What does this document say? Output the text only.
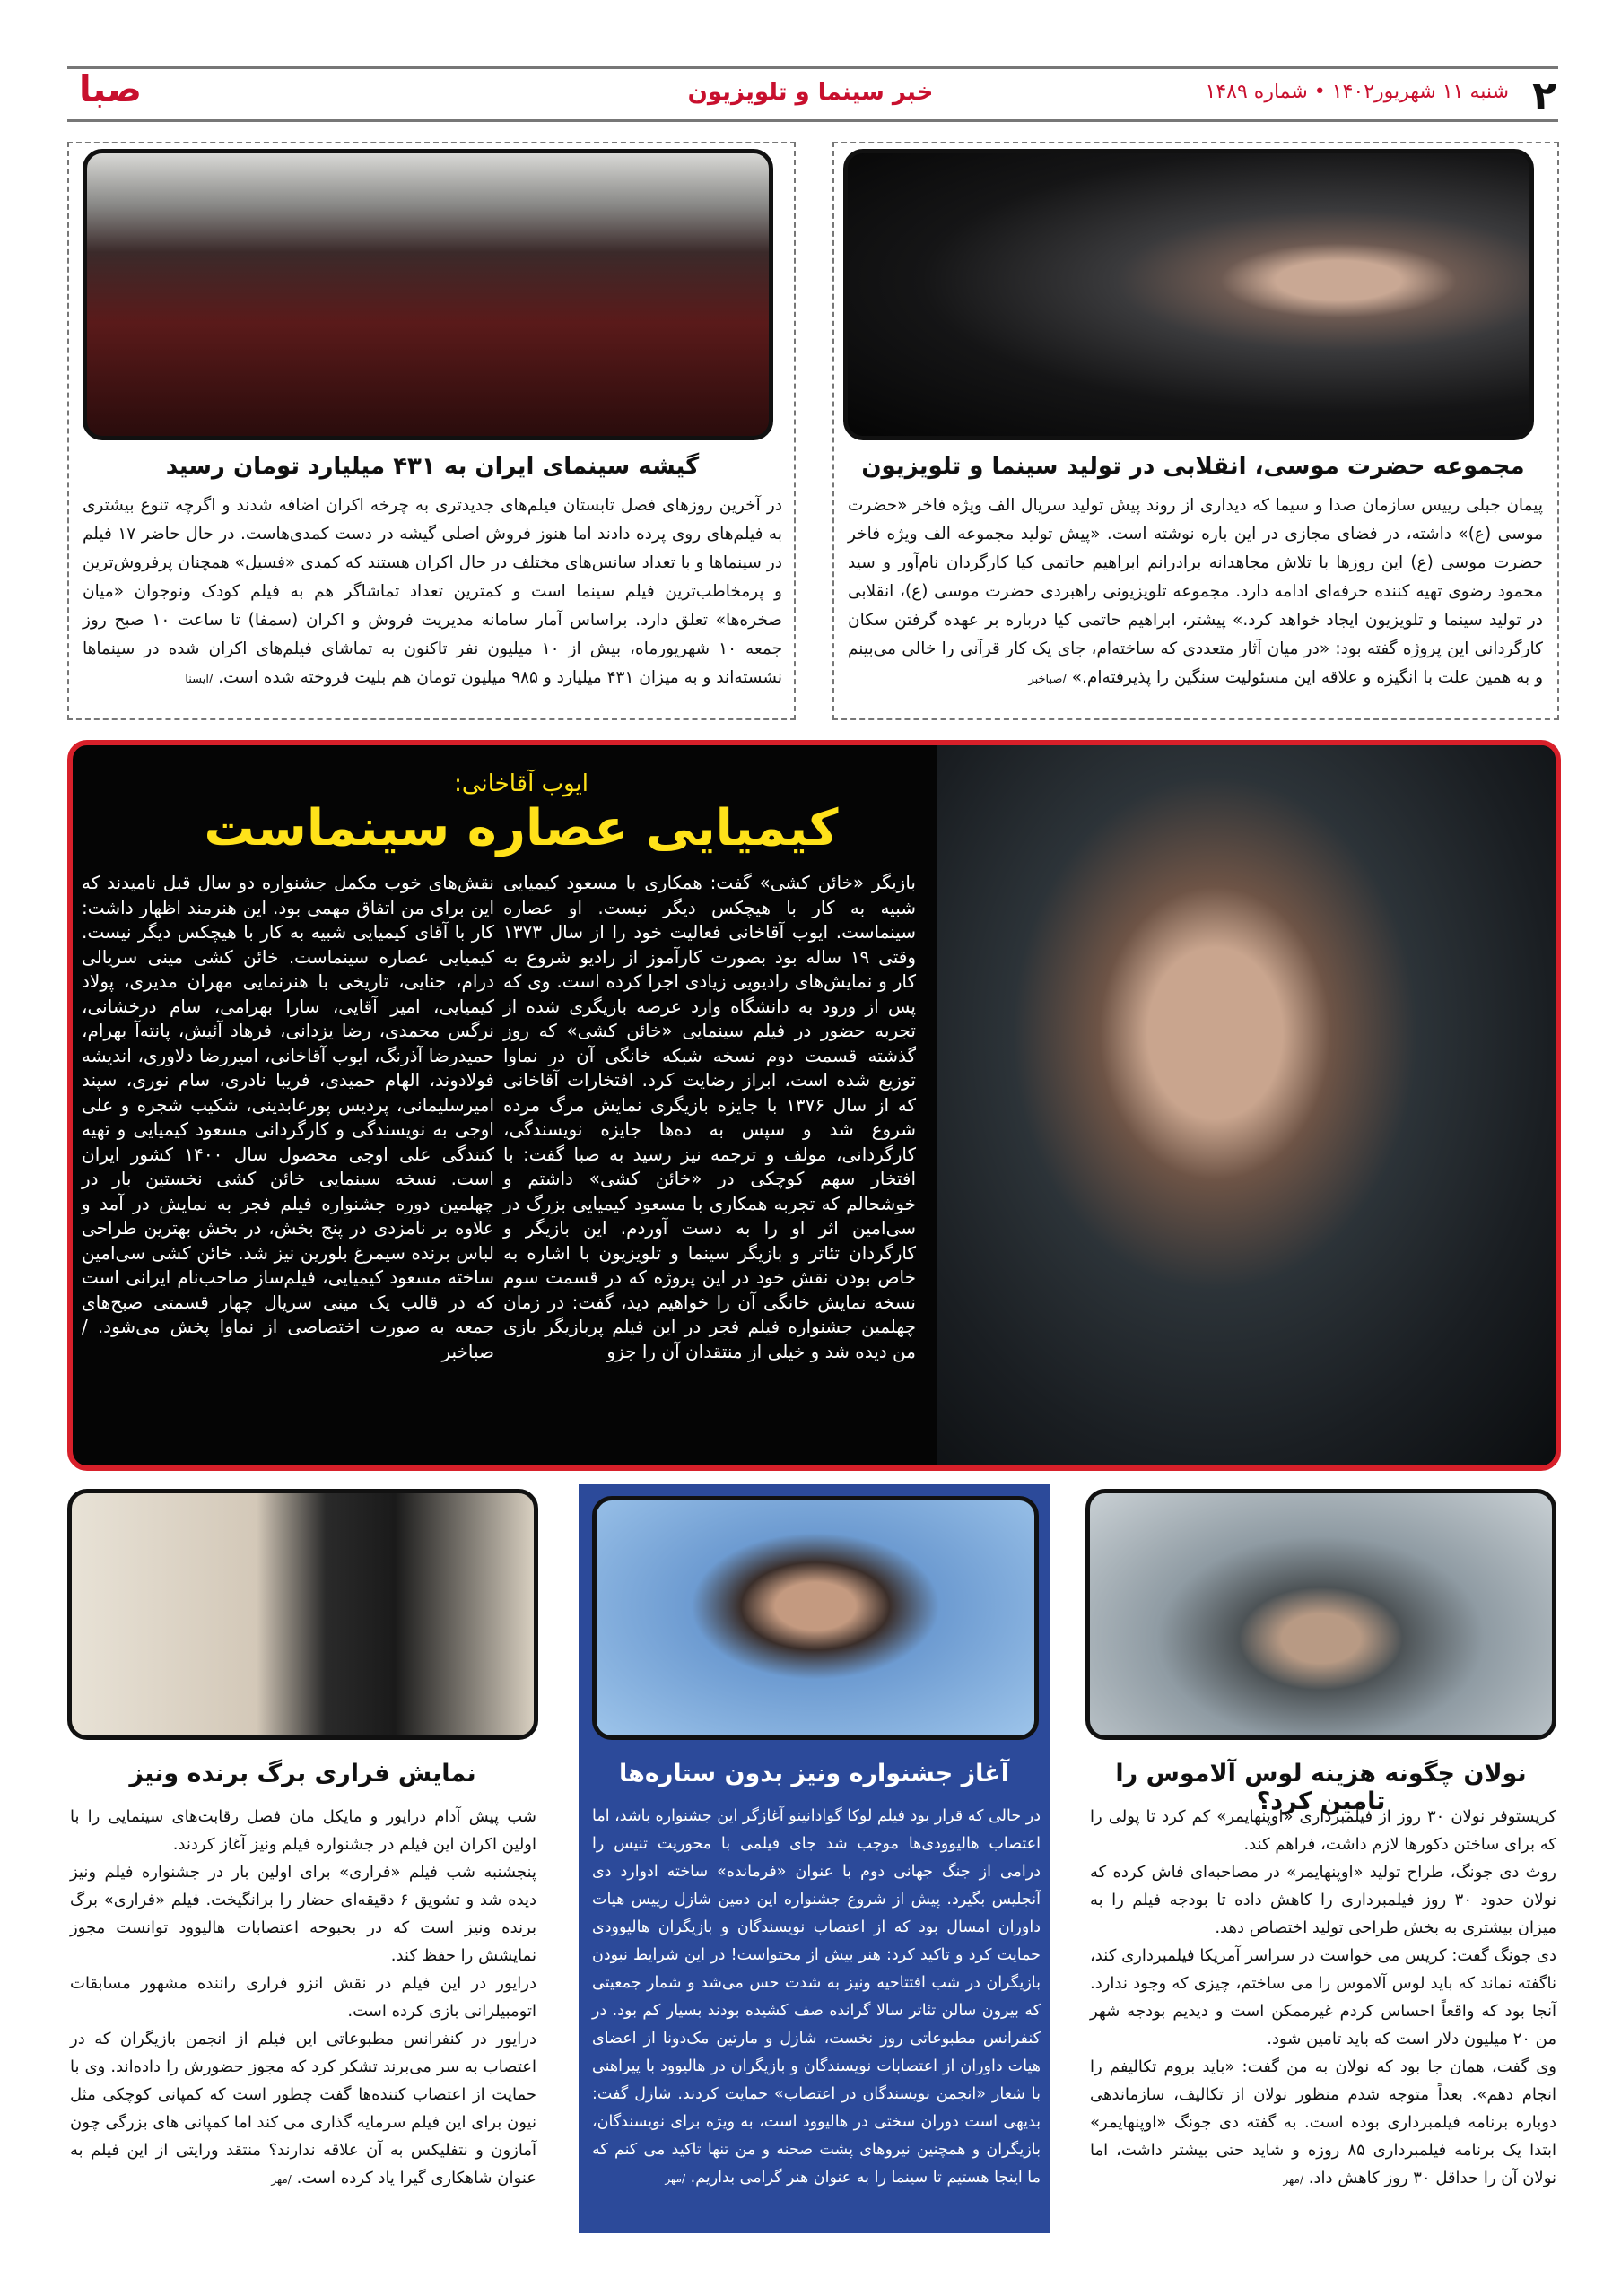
۲
شنبه ۱۱ شهریور۱۴۰۲ • شماره ۱۴۸۹
خبر سینما و تلویزیون
صبا
مجموعه حضرت موسی، انقلابی در تولید سینما و تلویزیون
پیمان جبلی رییس سازمان صدا و سیما که دیداری از روند پیش تولید سریال الف ویژه فاخر «حضرت موسی (ع)» داشته، در فضای مجازی در این باره نوشته است. «پیش تولید مجموعه الف ویژه فاخر حضرت موسی (ع) این روزها با تلاش مجاهدانه برادرانم ابراهیم حاتمی کیا کارگردان نام‌آور و سید محمود رضوی تهیه کننده حرفه‌ای ادامه دارد. مجموعه تلویزیونی راهبردی حضرت موسی (ع)، انقلابی در تولید سینما و تلویزیون ایجاد خواهد کرد.» پیشتر، ابراهیم حاتمی کیا درباره بر عهده گرفتن سکان کارگردانی این پروژه گفته بود: «در میان آثار متعددی که ساخته‌ام، جای یک کار قرآنی را خالی می‌بینم و به همین علت با انگیزه و علاقه این مسئولیت سنگین را پذیرفته‌ام.» /صباخبر
گیشه سینمای ایران به ۴۳۱ میلیارد تومان رسید
در آخرین روزهای فصل تابستان فیلم‌های جدیدتری به چرخه اکران اضافه شدند و اگرچه تنوع بیشتری به فیلم‌های روی پرده دادند اما هنوز فروش اصلی گیشه در دست کمدی‌هاست. در حال حاضر ۱۷ فیلم در سینماها و با تعداد سانس‌های مختلف در حال اکران هستند که کمدی «فسیل» همچنان پرفروش‌ترین و پرمخاطب‌ترین فیلم سینما است و کمترین تعداد تماشاگر هم به فیلم کودک ونوجوان «میان صخره‌ها» تعلق دارد. براساس آمار سامانه مدیریت فروش و اکران (سمفا) تا ساعت ۱۰ صبح روز جمعه ۱۰ شهریورماه، بیش از ۱۰ میلیون نفر تاکنون به تماشای فیلم‌های اکران شده در سینماها نشسته‌اند و به میزان ۴۳۱ میلیارد و ۹۸۵ میلیون تومان هم بلیت فروخته شده است. /ایسنا
ایوب آقاخانی:
کیمیایی عصاره سینماست
بازیگر «خائن کشی» گفت: همکاری با مسعود کیمیایی شبیه به کار با هیچکس دیگر نیست. او عصاره سینماست. ایوب آقاخانی فعالیت خود را از سال ۱۳۷۳ وقتی ۱۹ ساله بود بصورت کارآموز از رادیو شروع به کار و نمایش‌های رادیویی زیادی اجرا کرده است. وی که پس از ورود به دانشگاه وارد عرصه بازیگری شده از تجربه حضور در فیلم سینمایی «خائن کشی» که روز گذشته قسمت دوم نسخه شبکه خانگی آن در نماوا توزیع شده است، ابراز رضایت کرد. افتخارات آقاخانی که از سال ۱۳۷۶ با جایزه بازیگری نمایش مرگ مرده شروع شد و سپس به ده‌ها جایزه نویسندگی، کارگردانی، مولف و ترجمه نیز رسید به صبا گفت: با افتخار سهم کوچکی در «خائن کشی» داشتم و خوشحالم که تجربه همکاری با مسعود کیمیایی بزرگ در سی‌امین اثر او را به دست آوردم. این بازیگر و کارگردان تئاتر و بازیگر سینما و تلویزیون با اشاره به خاص بودن نقش خود در این پروژه که در قسمت سوم نسخه نمایش خانگی آن را خواهیم دید، گفت: در زمان چهلمین جشنواره فیلم فجر در این فیلم پربازیگر بازی من دیده شد و خیلی از منتقدان آن را جزو
نقش‌های خوب مکمل جشنواره دو سال قبل نامیدند که این برای من اتفاق مهمی بود. این هنرمند اظهار داشت: کار با آقای کیمیایی شبیه به کار با هیچکس دیگر نیست. کیمیایی عصاره سینماست. خائن کشی مینی سریالی درام، جنایی، تاریخی با هنرنمایی مهران مدیری، پولاد کیمیایی، امیر آقایی، سارا بهرامی، سام درخشانی، نرگس محمدی، رضا یزدانی، فرهاد آئیش، پانته‌آ بهرام، حمیدرضا آذرنگ، ایوب آقاخانی، امیررضا دلاوری، اندیشه فولادوند، الهام حمیدی، فریبا نادری، سام نوری، سپند امیرسلیمانی، پردیس پورعابدینی، شکیب شجره و علی اوجی به نویسندگی و کارگردانی مسعود کیمیایی و تهیه کنندگی علی اوجی محصول سال ۱۴۰۰ کشور ایران است. نسخه سینمایی خائن کشی نخستین بار در چهلمین دوره جشنواره فیلم فجر به نمایش در آمد و علاوه بر نامزدی در پنج بخش، در بخش بهترین طراحی لباس برنده سیمرغ بلورین نیز شد. خائن کشی سی‌امین ساخته مسعود کیمیایی، فیلم‌ساز صاحب‌نام ایرانی است که در قالب یک مینی سریال چهار قسمتی صبح‌های جمعه به صورت اختصاصی از نماوا پخش می‌شود. /صباخبر
نولان چگونه هزینه لوس آلاموس را تامین کرد؟

کریستوفر نولان ۳۰ روز از فیلمبرداری «اوپنهایمر» کم کرد تا پولی را که برای ساختن دکورها لازم داشت، فراهم کند.

روث دی جونگ، طراح تولید «اوپنهایمر» در مصاحبه‌ای فاش کرده که نولان حدود ۳۰ روز فیلمبرداری را کاهش داده تا بودجه فیلم را به میزان بیشتری به بخش طراحی تولید اختصاص دهد.

دی جونگ گفت: کریس می خواست در سراسر آمریکا فیلمبرداری کند، ناگفته نماند که باید لوس آلاموس را می ساختم، چیزی که وجود ندارد. آنجا بود که واقعاً احساس کردم غیرممکن است و دیدیم بودجه شهر من ۲۰ میلیون دلار است که باید تامین شود.

وی گفت، همان جا بود که نولان به من گفت: «باید بروم تکالیفم را انجام دهم». بعداً متوجه شدم منظور نولان از تکالیف، سازماندهی دوباره برنامه فیلمبرداری بوده است. به گفته دی جونگ «اوپنهایمر» ابتدا یک برنامه فیلمبرداری ۸۵ روزه و شاید حتی بیشتر داشت، اما نولان آن را حداقل ۳۰ روز کاهش داد. /مهر

آغاز جشنواره ونیز بدون ستاره‌ها
در حالی که قرار بود فیلم لوکا گوادانینو آغازگر این جشنواره باشد، اما اعتصاب هالیوودی‌ها موجب شد جای فیلمی با محوریت تنیس را درامی از جنگ جهانی دوم با عنوان «فرمانده» ساخته ادوارد دی آنجلیس بگیرد. پیش از شروع جشنواره این دمین شازل رییس هیات داوران امسال بود که از اعتصاب نویسندگان و بازیگران هالیوودی حمایت کرد و تاکید کرد: هنر بیش از محتواست! در این شرایط نبودن بازیگران در شب افتتاحیه ونیز به شدت حس می‌شد و شمار جمعیتی که بیرون سالن تئاتر سالا گرانده صف کشیده بودند بسیار کم بود. در کنفرانس مطبوعاتی روز نخست، شازل و مارتین مک‌دونا از اعضای هیات داوران از اعتصابات نویسندگان و بازیگران در هالیوود با پیراهنی با شعار «انجمن نویسندگان در اعتصاب» حمایت کردند. شازل گفت: بدیهی است دوران سختی در هالیوود است، به ویژه برای نویسندگان، بازیگران و همچنین نیروهای پشت صحنه و من تنها تاکید می کنم که ما اینجا هستیم تا سینما را به عنوان هنر گرامی بداریم. /مهر
نمایش فراری برگ برنده ونیز

شب پیش آدام درایور و مایکل مان فصل رقابت‌های سینمایی را با اولین اکران این فیلم در جشنواره فیلم ونیز آغاز کردند.

پنجشنبه شب فیلم «فراری» برای اولین بار در جشنواره فیلم ونیز دیده شد و تشویق ۶ دقیقه‌ای حضار را برانگیخت. فیلم «فراری» برگ برنده ونیز است که در بحبوحه اعتصابات هالیوود توانست مجوز نمایشش را حفظ کند.

درایور در این فیلم در نقش انزو فراری راننده مشهور مسابقات اتومبیلرانی بازی کرده است.

درایور در کنفرانس مطبوعاتی این فیلم از انجمن بازیگران که در اعتصاب به سر می‌برند تشکر کرد که مجوز حضورش را داده‌اند. وی با حمایت از اعتصاب کننده‌ها گفت چطور است که کمپانی کوچکی مثل نیون برای این فیلم سرمایه گذاری می کند اما کمپانی های بزرگی چون آمازون و نتفلیکس به آن علاقه ندارند؟ منتقد ورایتی از این فیلم به عنوان شاهکاری گیرا یاد کرده است. /مهر
